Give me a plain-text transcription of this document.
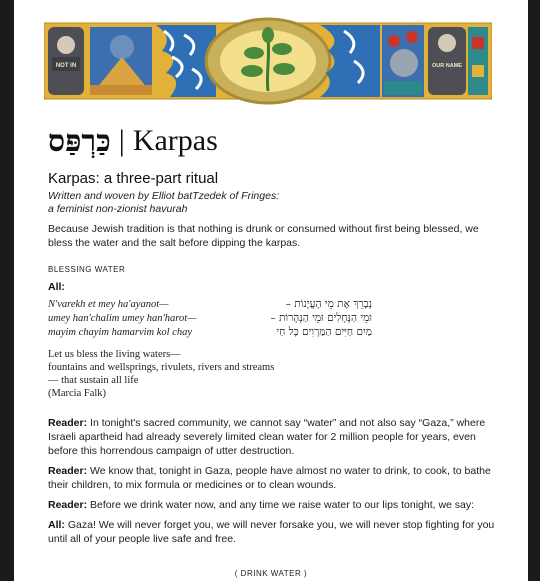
NOT IN	OUR NAME
כַּרְפַּס | Karpas
Karpas: a three-part ritual
Written and woven by Elliot batTzedek of Fringes:
a feminist non-zionist havurah
Because Jewish tradition is that nothing is drunk or consumed without first being blessed, we bless the water and the salt before dipping the karpas.
BLESSING WATER
All:
N'varekh et mey ha'ayanot—
umey han'chalim umey han'harot—
mayim chayim hamarvim kol chay
נְבָרֵךְ אֶת מֵי הָעֲיָנוֹת –
וּמֵי הַנְּחָלִים וּמֵי הַנְּהָרוֹת –
מַיִם חַיִּים הַמַּרְוִים כָּל חַי
Let us bless the living waters—
fountains and wellsprings, rivulets, rivers and streams
— that sustain all life
(Marcia Falk)
Reader: In tonight's sacred community, we cannot say “water” and not also say “Gaza,” where Israeli apartheid had already severely limited clean water for 2 million people for years, even before this horrendous campaign of utter destruction.
Reader: We know that, tonight in Gaza, people have almost no water to drink, to cook, to bathe their children, to mix formula or medicines or to clean wounds.
Reader: Before we drink water now, and any time we raise water to our lips tonight, we say:
All: Gaza! We will never forget you, we will never forsake you, we will never stop fighting for you until all of your people live safe and free.
( DRINK WATER )
